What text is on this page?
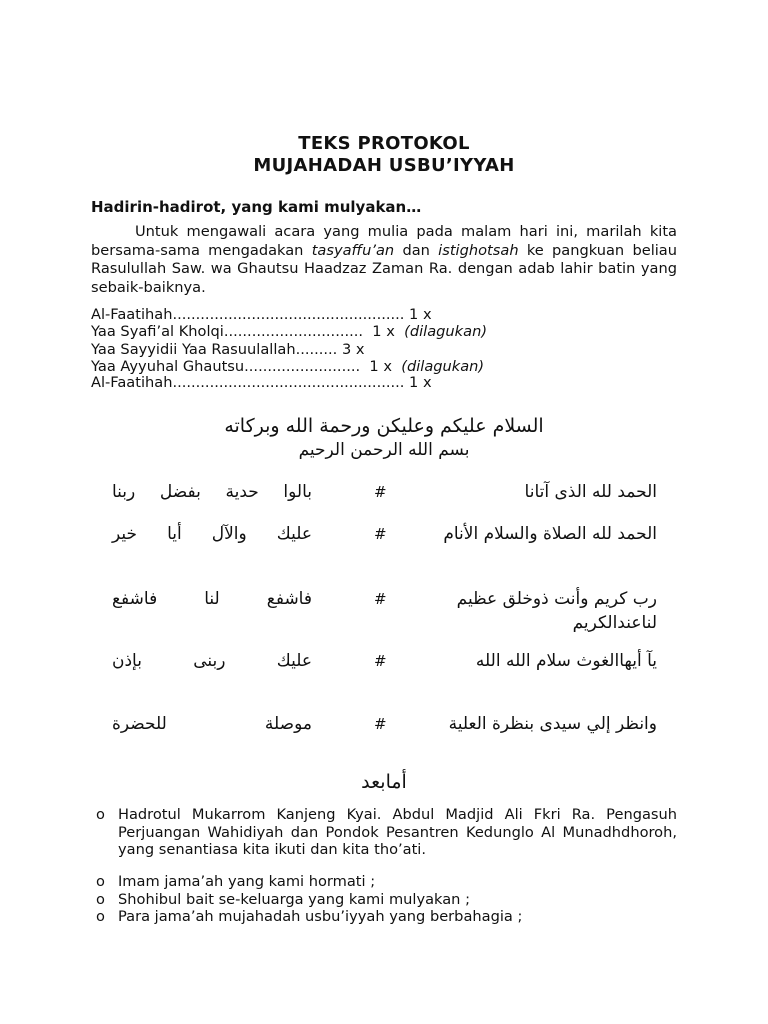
TEKS PROTOKOL
MUJAHADAH USBU’IYYAH
Hadirin-hadirot, yang kami mulyakan…
Untuk mengawali acara yang mulia pada malam hari ini, marilah kita bersama-sama mengadakan tasyaffu’an dan istighotsah ke pangkuan beliau Rasulullah Saw. wa Ghautsu Haadzaz Zaman Ra. dengan adab lahir batin yang sebaik-baiknya.
Al-Faatihah.................................................. 1 x
Yaa Syafi’al Kholqi..............................  1 x  (dilagukan)
Yaa Sayyidii Yaa Rasuulallah......... 3 x
Yaa Ayyuhal Ghautsu.........................  1 x  (dilagukan)
Al-Faatihah.................................................. 1 x
السلام عليكم وعليكن ورحمة الله وبركاته
بسم الله الرحمن الرحيم
الحمد لله الذى آتانا
#
بالوا حدية بفضل ربنا
الحمد لله الصلاة والسلام الأنام
#
عليك والآل أيا خير
رب كريم وأنت ذوخلق عظيم لناعندالكريم
#
فاشفع لنا فاشفع
يآ أيهاالغوث سلام الله الله
#
عليك ربنى بإذن
وانظر إلي سيدى بنظرة العلية
#
موصلة للحضرة
أمابعد
o Hadrotul Mukarrom Kanjeng Kyai. Abdul Madjid Ali Fkri Ra. Pengasuh Perjuangan Wahidiyah dan Pondok Pesantren Kedunglo Al Munadhdhoroh, yang senantiasa kita ikuti dan kita tho’ati.
o Imam jama’ah yang kami hormati ;
o Shohibul bait se-keluarga yang kami mulyakan ;
o Para jama’ah mujahadah usbu’iyyah yang berbahagia ;
